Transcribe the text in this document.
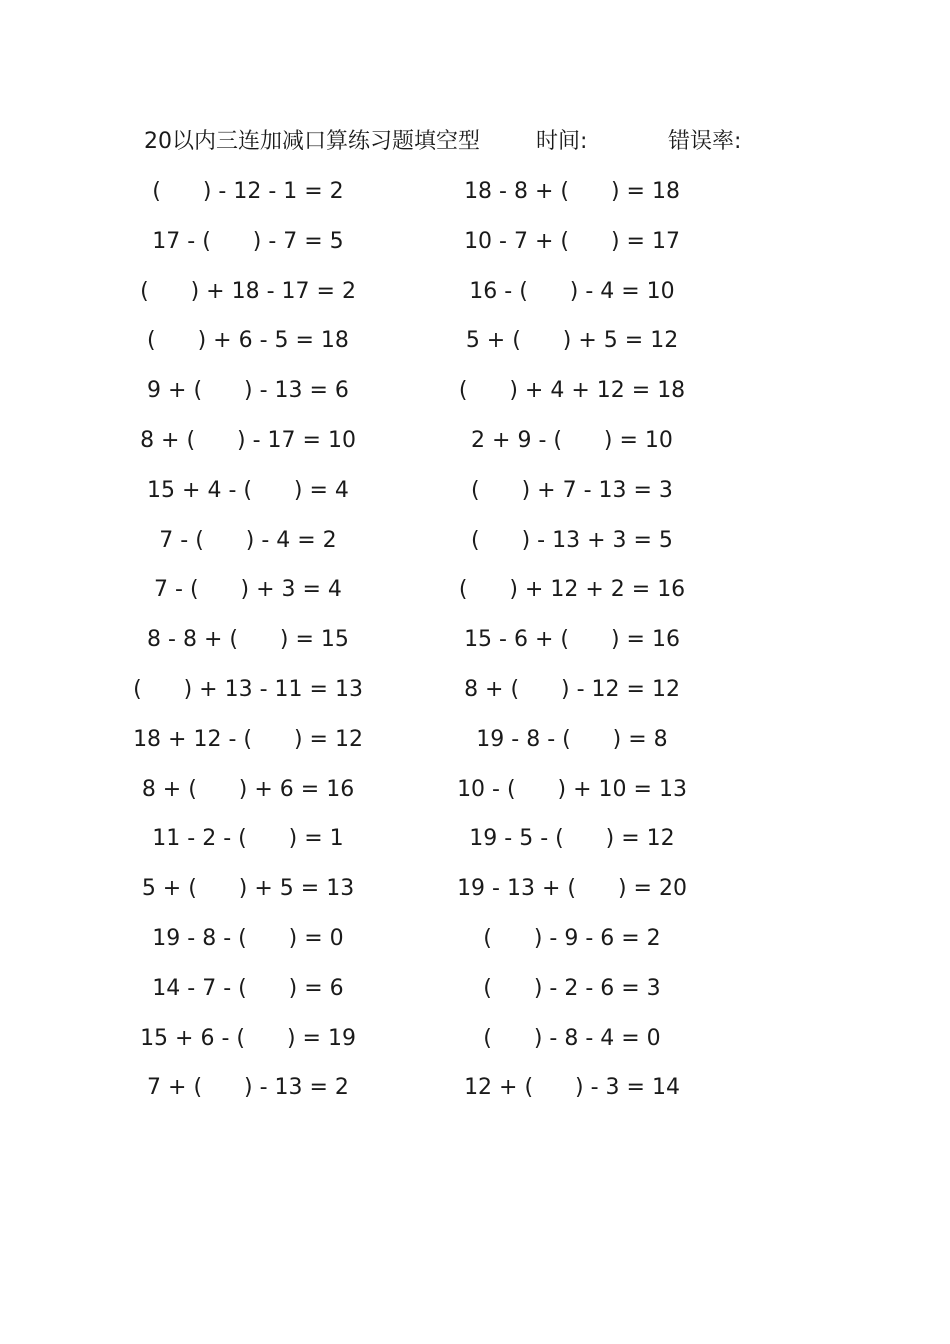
20以内三连加减口算练习题填空型	时间:	错误率:
(      ) - 12 - 1 = 2
17 - (      ) - 7 = 5
(      ) + 18 - 17 = 2
(      ) + 6 - 5 = 18
9 + (      ) - 13 = 6
8 + (      ) - 17 = 10
15 + 4 - (      ) = 4
7 - (      ) - 4 = 2
7 - (      ) + 3 = 4
8 - 8 + (      ) = 15
(      ) + 13 - 11 = 13
18 + 12 - (      ) = 12
8 + (      ) + 6 = 16
11 - 2 - (      ) = 1
5 + (      ) + 5 = 13
19 - 8 - (      ) = 0
14 - 7 - (      ) = 6
15 + 6 - (      ) = 19
7 + (      ) - 13 = 2
18 - 8 + (      ) = 18
10 - 7 + (      ) = 17
16 - (      ) - 4 = 10
5 + (      ) + 5 = 12
(      ) + 4 + 12 = 18
2 + 9 - (      ) = 10
(      ) + 7 - 13 = 3
(      ) - 13 + 3 = 5
(      ) + 12 + 2 = 16
15 - 6 + (      ) = 16
8 + (      ) - 12 = 12
19 - 8 - (      ) = 8
10 - (      ) + 10 = 13
19 - 5 - (      ) = 12
19 - 13 + (      ) = 20
(      ) - 9 - 6 = 2
(      ) - 2 - 6 = 3
(      ) - 8 - 4 = 0
12 + (      ) - 3 = 14
